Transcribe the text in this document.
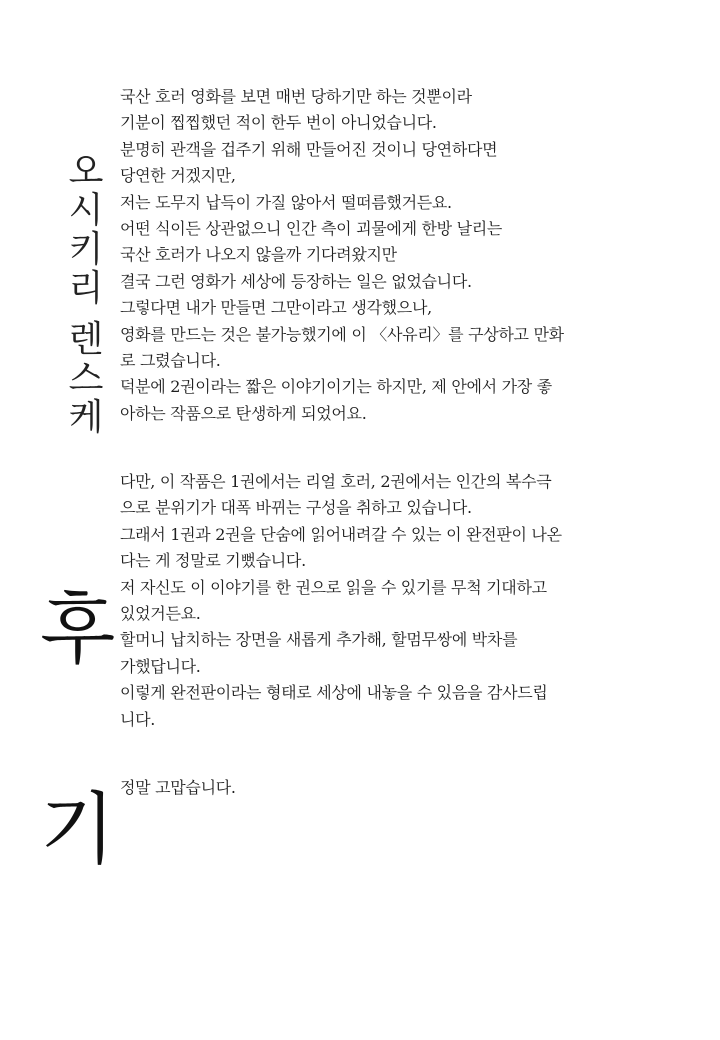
오
시
키
리
렌
스
케
후
기
국산 호러 영화를 보면 매번 당하기만 하는 것뿐이라
기분이 찝찝했던 적이 한두 번이 아니었습니다.
분명히 관객을 겁주기 위해 만들어진 것이니 당연하다면
당연한 거겠지만,
저는 도무지 납득이 가질 않아서 떨떠름했거든요.
어떤 식이든 상관없으니 인간 측이 괴물에게 한방 날리는
국산 호러가 나오지 않을까 기다려왔지만
결국 그런 영화가 세상에 등장하는 일은 없었습니다.
그렇다면 내가 만들면 그만이라고 생각했으나,
영화를 만드는 것은 불가능했기에 이 〈사유리〉를 구상하고 만화
로 그렸습니다.
덕분에 2권이라는 짧은 이야기이기는 하지만, 제 안에서 가장 좋
아하는 작품으로 탄생하게 되었어요.
다만, 이 작품은 1권에서는 리얼 호러, 2권에서는 인간의 복수극
으로 분위기가 대폭 바뀌는 구성을 취하고 있습니다.
그래서 1권과 2권을 단숨에 읽어내려갈 수 있는 이 완전판이 나온
다는 게 정말로 기뻤습니다.
저 자신도 이 이야기를 한 권으로 읽을 수 있기를 무척 기대하고
있었거든요.
할머니 납치하는 장면을 새롭게 추가해, 할멈무쌍에 박차를
가했답니다.
이렇게 완전판이라는 형태로 세상에 내놓을 수 있음을 감사드립
니다.
정말 고맙습니다.
